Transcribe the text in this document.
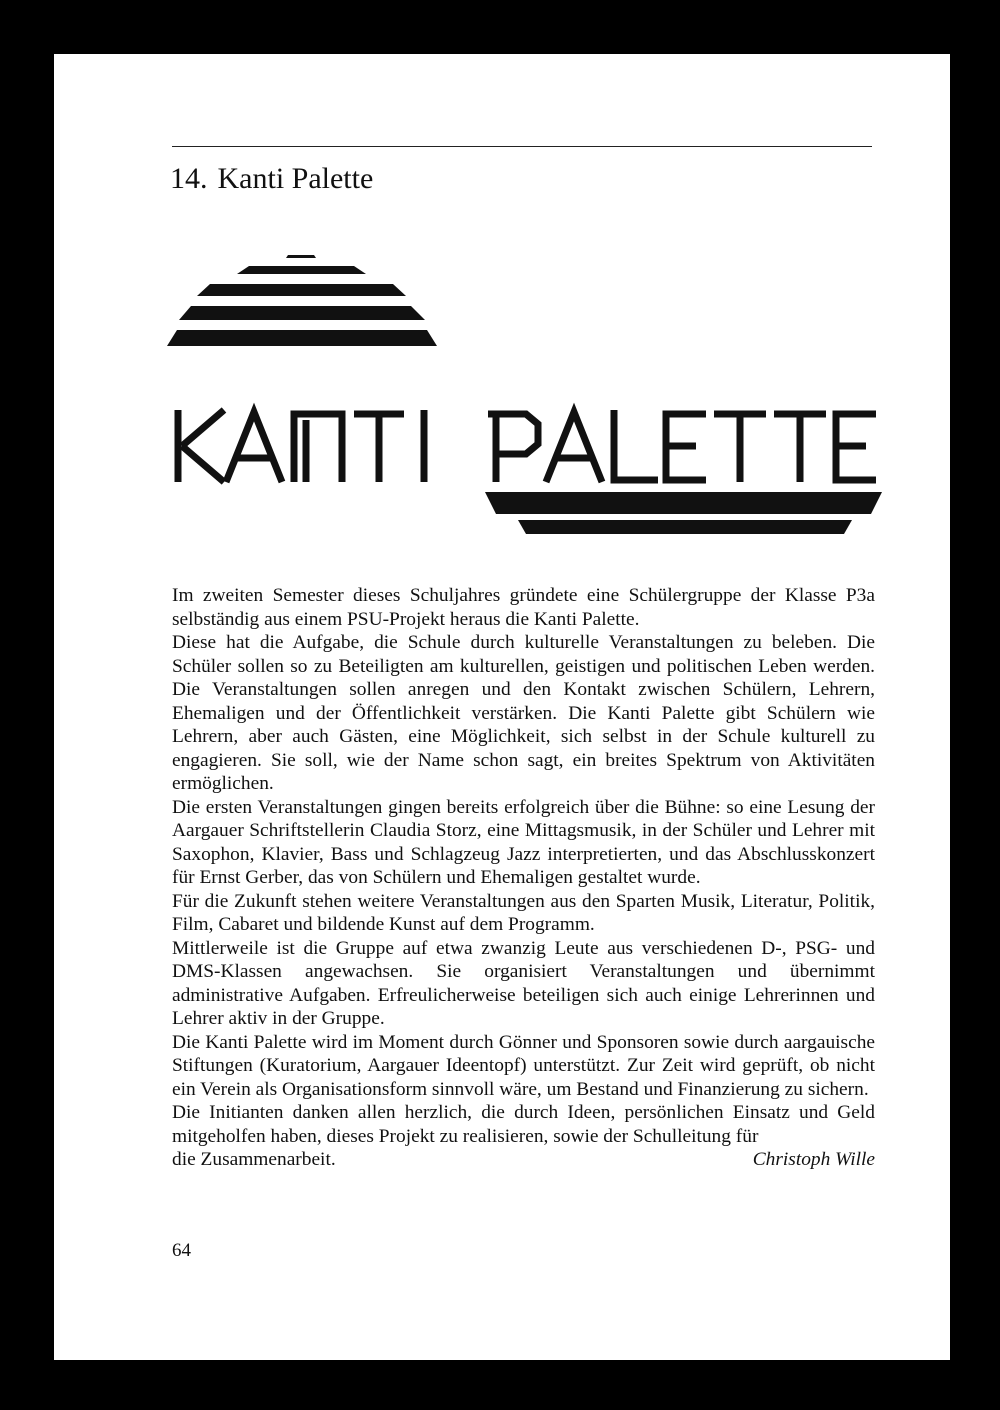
14. Kanti Palette

Im zweiten Semester dieses Schuljahres gründete eine Schülergruppe der Klasse P3a selbständig aus einem PSU-Projekt heraus die Kanti Palette.

Diese hat die Aufgabe, die Schule durch kulturelle Veranstaltungen zu beleben. Die Schüler sollen so zu Beteiligten am kulturellen, geistigen und politischen Leben werden. Die Veranstaltungen sollen anregen und den Kontakt zwischen Schülern, Lehrern, Ehemaligen und der Öffentlichkeit verstärken. Die Kanti Palette gibt Schülern wie Lehrern, aber auch Gästen, eine Möglichkeit, sich selbst in der Schule kulturell zu engagieren. Sie soll, wie der Name schon sagt, ein breites Spektrum von Aktivitäten ermöglichen.

Die ersten Veranstaltungen gingen bereits erfolgreich über die Bühne: so eine Lesung der Aargauer Schriftstellerin Claudia Storz, eine Mittagsmusik, in der Schüler und Lehrer mit Saxophon, Klavier, Bass und Schlagzeug Jazz interpretierten, und das Abschlusskonzert für Ernst Gerber, das von Schülern und Ehemaligen gestaltet wurde.

Für die Zukunft stehen weitere Veranstaltungen aus den Sparten Musik, Literatur, Politik, Film, Cabaret und bildende Kunst auf dem Programm.

Mittlerweile ist die Gruppe auf etwa zwanzig Leute aus verschiedenen D-, PSG- und DMS-Klassen angewachsen. Sie organisiert Veranstaltungen und übernimmt administrative Aufgaben. Erfreulicherweise beteiligen sich auch einige Lehrerinnen und Lehrer aktiv in der Gruppe.

Die Kanti Palette wird im Moment durch Gönner und Sponsoren sowie durch aargauische Stiftungen (Kuratorium, Aargauer Ideentopf) unterstützt. Zur Zeit wird geprüft, ob nicht ein Verein als Organisationsform sinnvoll wäre, um Bestand und Finanzierung zu sichern.

Die Initianten danken allen herzlich, die durch Ideen, persönlichen Einsatz und Geld mitgeholfen haben, dieses Projekt zu realisieren, sowie der Schulleitung für

die Zusammenarbeit.	Christoph Wille
64
